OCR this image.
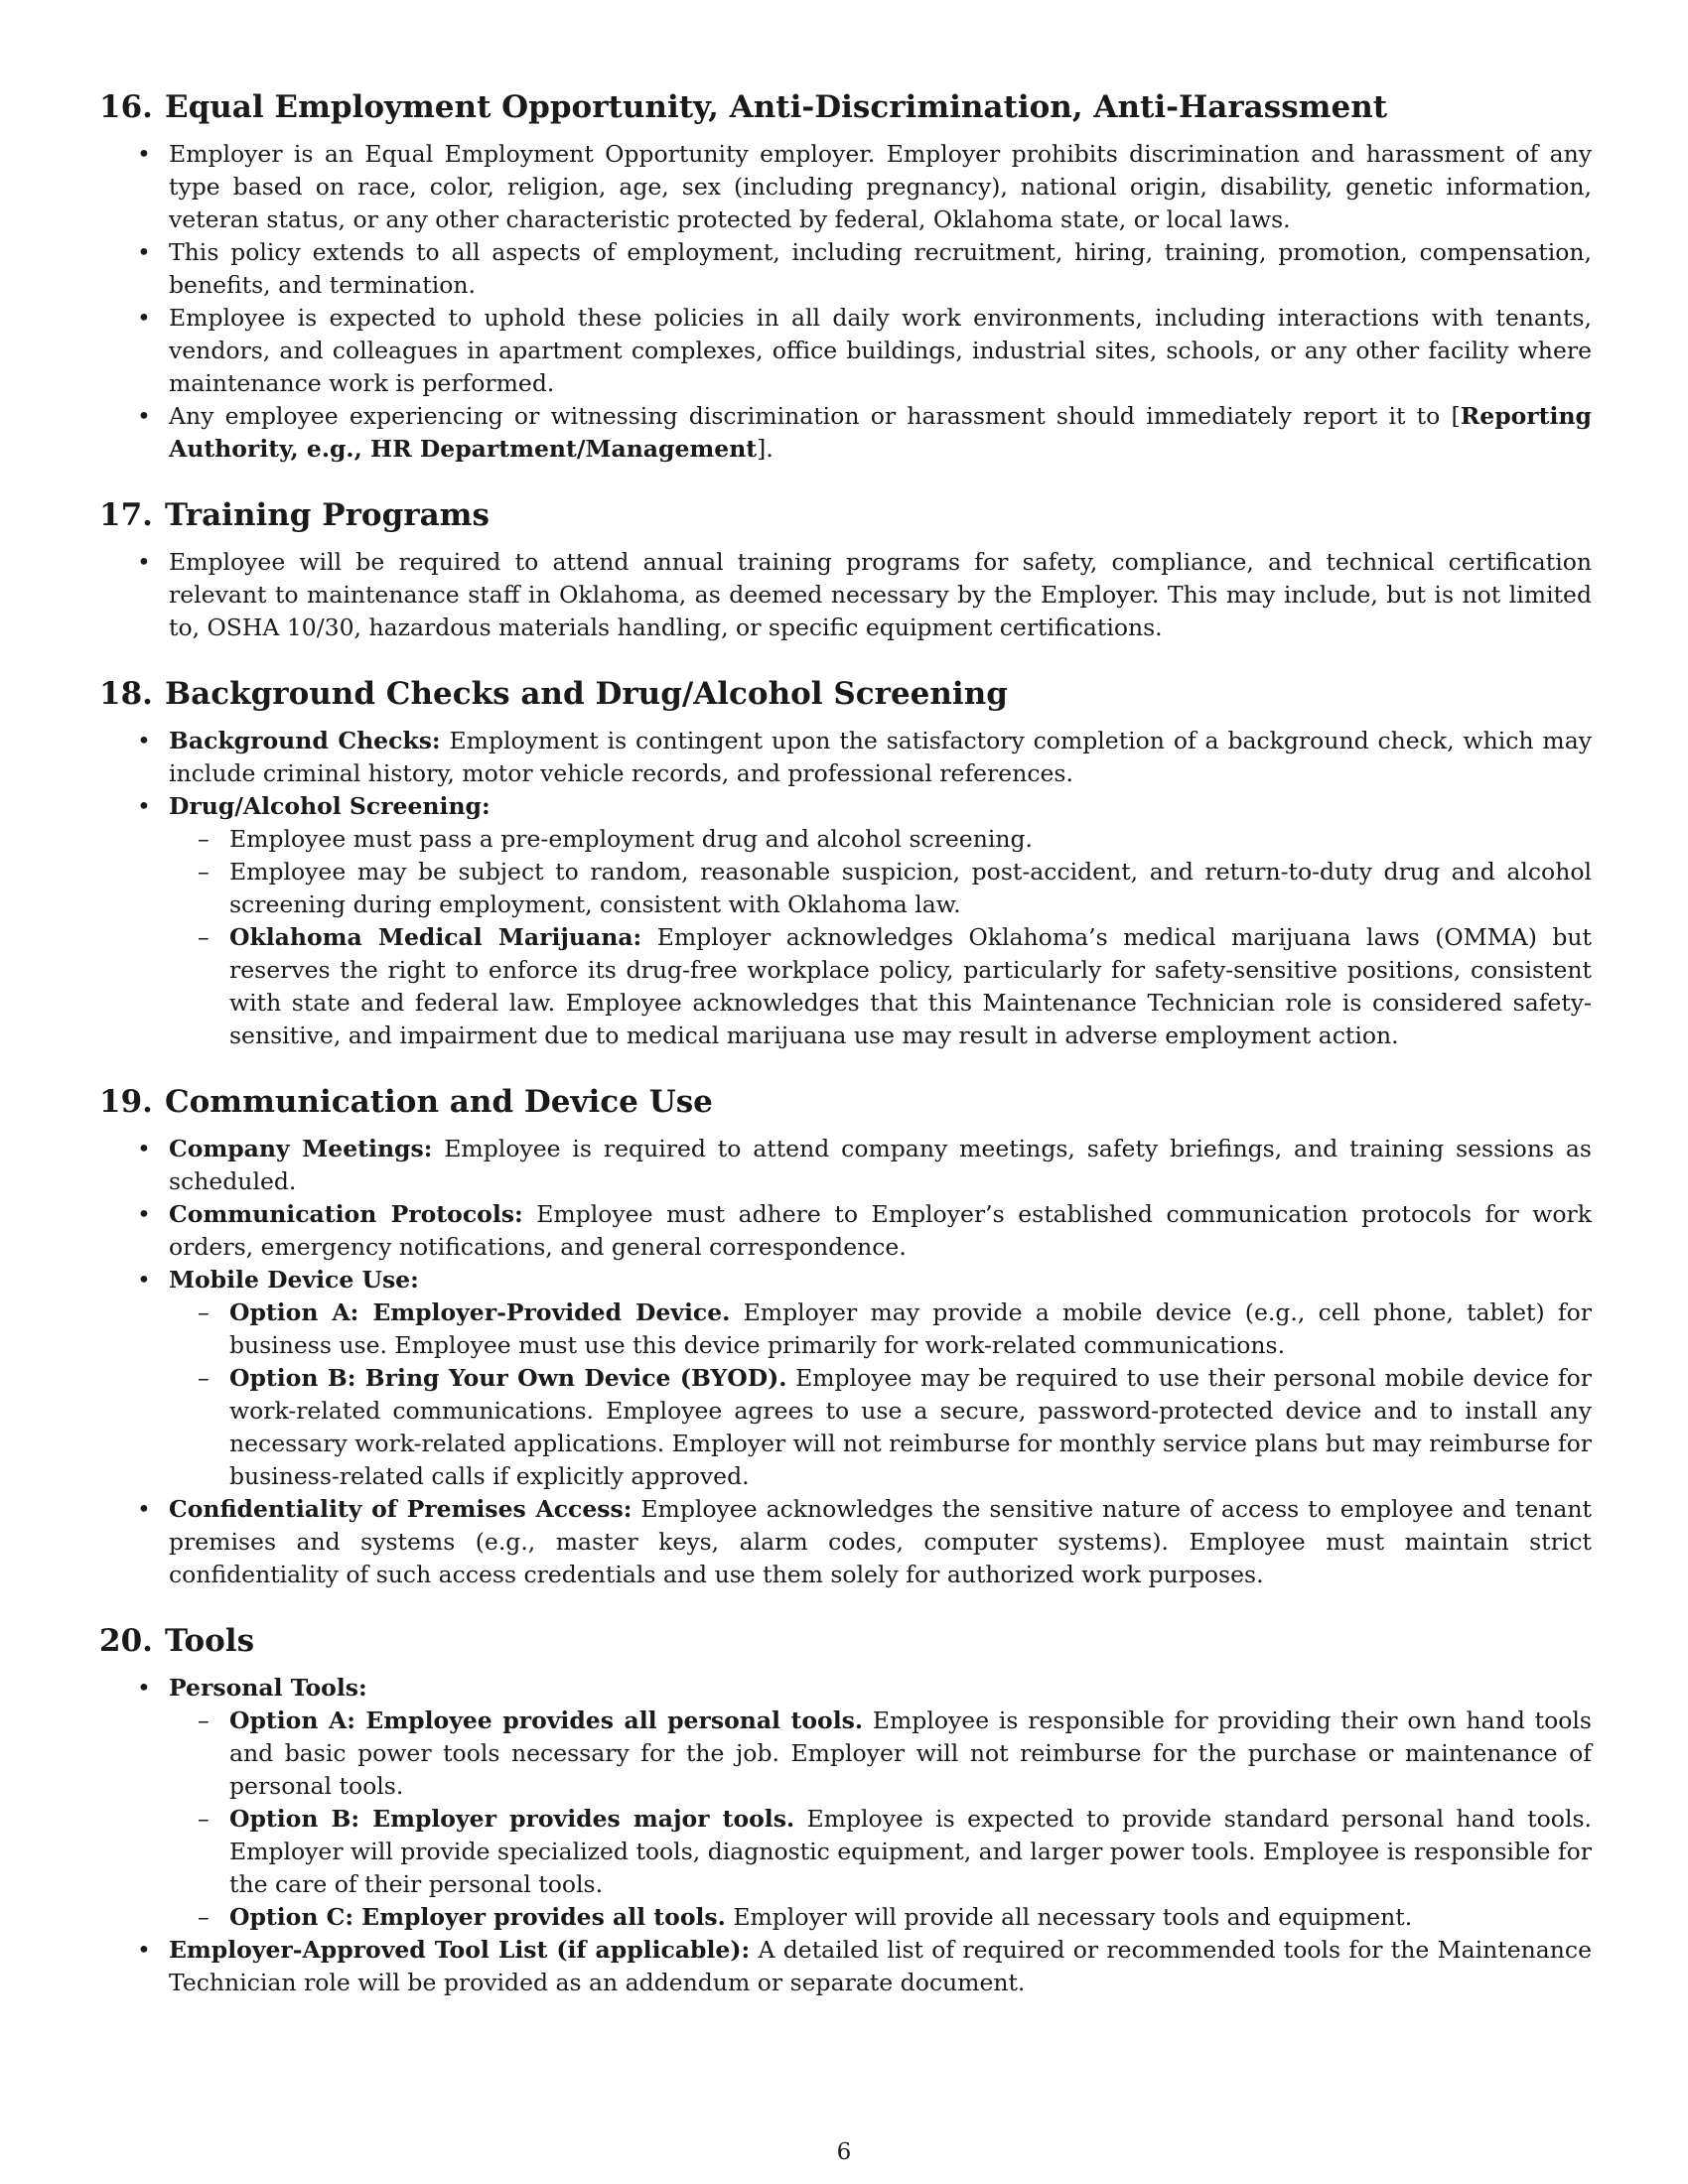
16. Equal Employment Opportunity, Anti-Discrimination, Anti-Harassment
• Employer is an Equal Employment Opportunity employer. Employer prohibits discrimination and harassment of any type based on race, color, religion, age, sex (including pregnancy), national origin, disability, genetic information, veteran status, or any other characteristic protected by federal, Oklahoma state, or local laws.
• This policy extends to all aspects of employment, including recruitment, hiring, training, promotion, compensation, benefits, and termination.
• Employee is expected to uphold these policies in all daily work environments, including interactions with tenants, vendors, and colleagues in apartment complexes, office buildings, industrial sites, schools, or any other facility where maintenance work is performed.
• Any employee experiencing or witnessing discrimination or harassment should immediately report it to [Reporting Authority, e.g., HR Department/Management].
17. Training Programs
• Employee will be required to attend annual training programs for safety, compliance, and technical certification relevant to maintenance staff in Oklahoma, as deemed necessary by the Employer. This may include, but is not limited to, OSHA 10/30, hazardous materials handling, or specific equipment certifications.
18. Background Checks and Drug/Alcohol Screening
• Background Checks: Employment is contingent upon the satisfactory completion of a background check, which may include criminal history, motor vehicle records, and professional references.
• Drug/Alcohol Screening:
– Employee must pass a pre-employment drug and alcohol screening.
– Employee may be subject to random, reasonable suspicion, post-accident, and return-to-duty drug and alcohol screening during employment, consistent with Oklahoma law.
– Oklahoma Medical Marijuana: Employer acknowledges Oklahoma’s medical marijuana laws (OMMA) but reserves the right to enforce its drug-free workplace policy, particularly for safety-sensitive positions, consistent with state and federal law. Employee acknowledges that this Maintenance Technician role is considered safety-sensitive, and impairment due to medical marijuana use may result in adverse employment action.
19. Communication and Device Use
• Company Meetings: Employee is required to attend company meetings, safety briefings, and training sessions as scheduled.
• Communication Protocols: Employee must adhere to Employer’s established communication protocols for work orders, emergency notifications, and general correspondence.
• Mobile Device Use:
– Option A: Employer-Provided Device. Employer may provide a mobile device (e.g., cell phone, tablet) for business use. Employee must use this device primarily for work-related communications.
– Option B: Bring Your Own Device (BYOD). Employee may be required to use their personal mobile device for work-related communications. Employee agrees to use a secure, password-protected device and to install any necessary work-related applications. Employer will not reimburse for monthly service plans but may reimburse for business-related calls if explicitly approved.
• Confidentiality of Premises Access: Employee acknowledges the sensitive nature of access to employee and tenant premises and systems (e.g., master keys, alarm codes, computer systems). Employee must maintain strict confidentiality of such access credentials and use them solely for authorized work purposes.
20. Tools
• Personal Tools:
– Option A: Employee provides all personal tools. Employee is responsible for providing their own hand tools and basic power tools necessary for the job. Employer will not reimburse for the purchase or maintenance of personal tools.
– Option B: Employer provides major tools. Employee is expected to provide standard personal hand tools. Employer will provide specialized tools, diagnostic equipment, and larger power tools. Employee is responsible for the care of their personal tools.
– Option C: Employer provides all tools. Employer will provide all necessary tools and equipment.
• Employer-Approved Tool List (if applicable): A detailed list of required or recommended tools for the Maintenance Technician role will be provided as an addendum or separate document.
6
